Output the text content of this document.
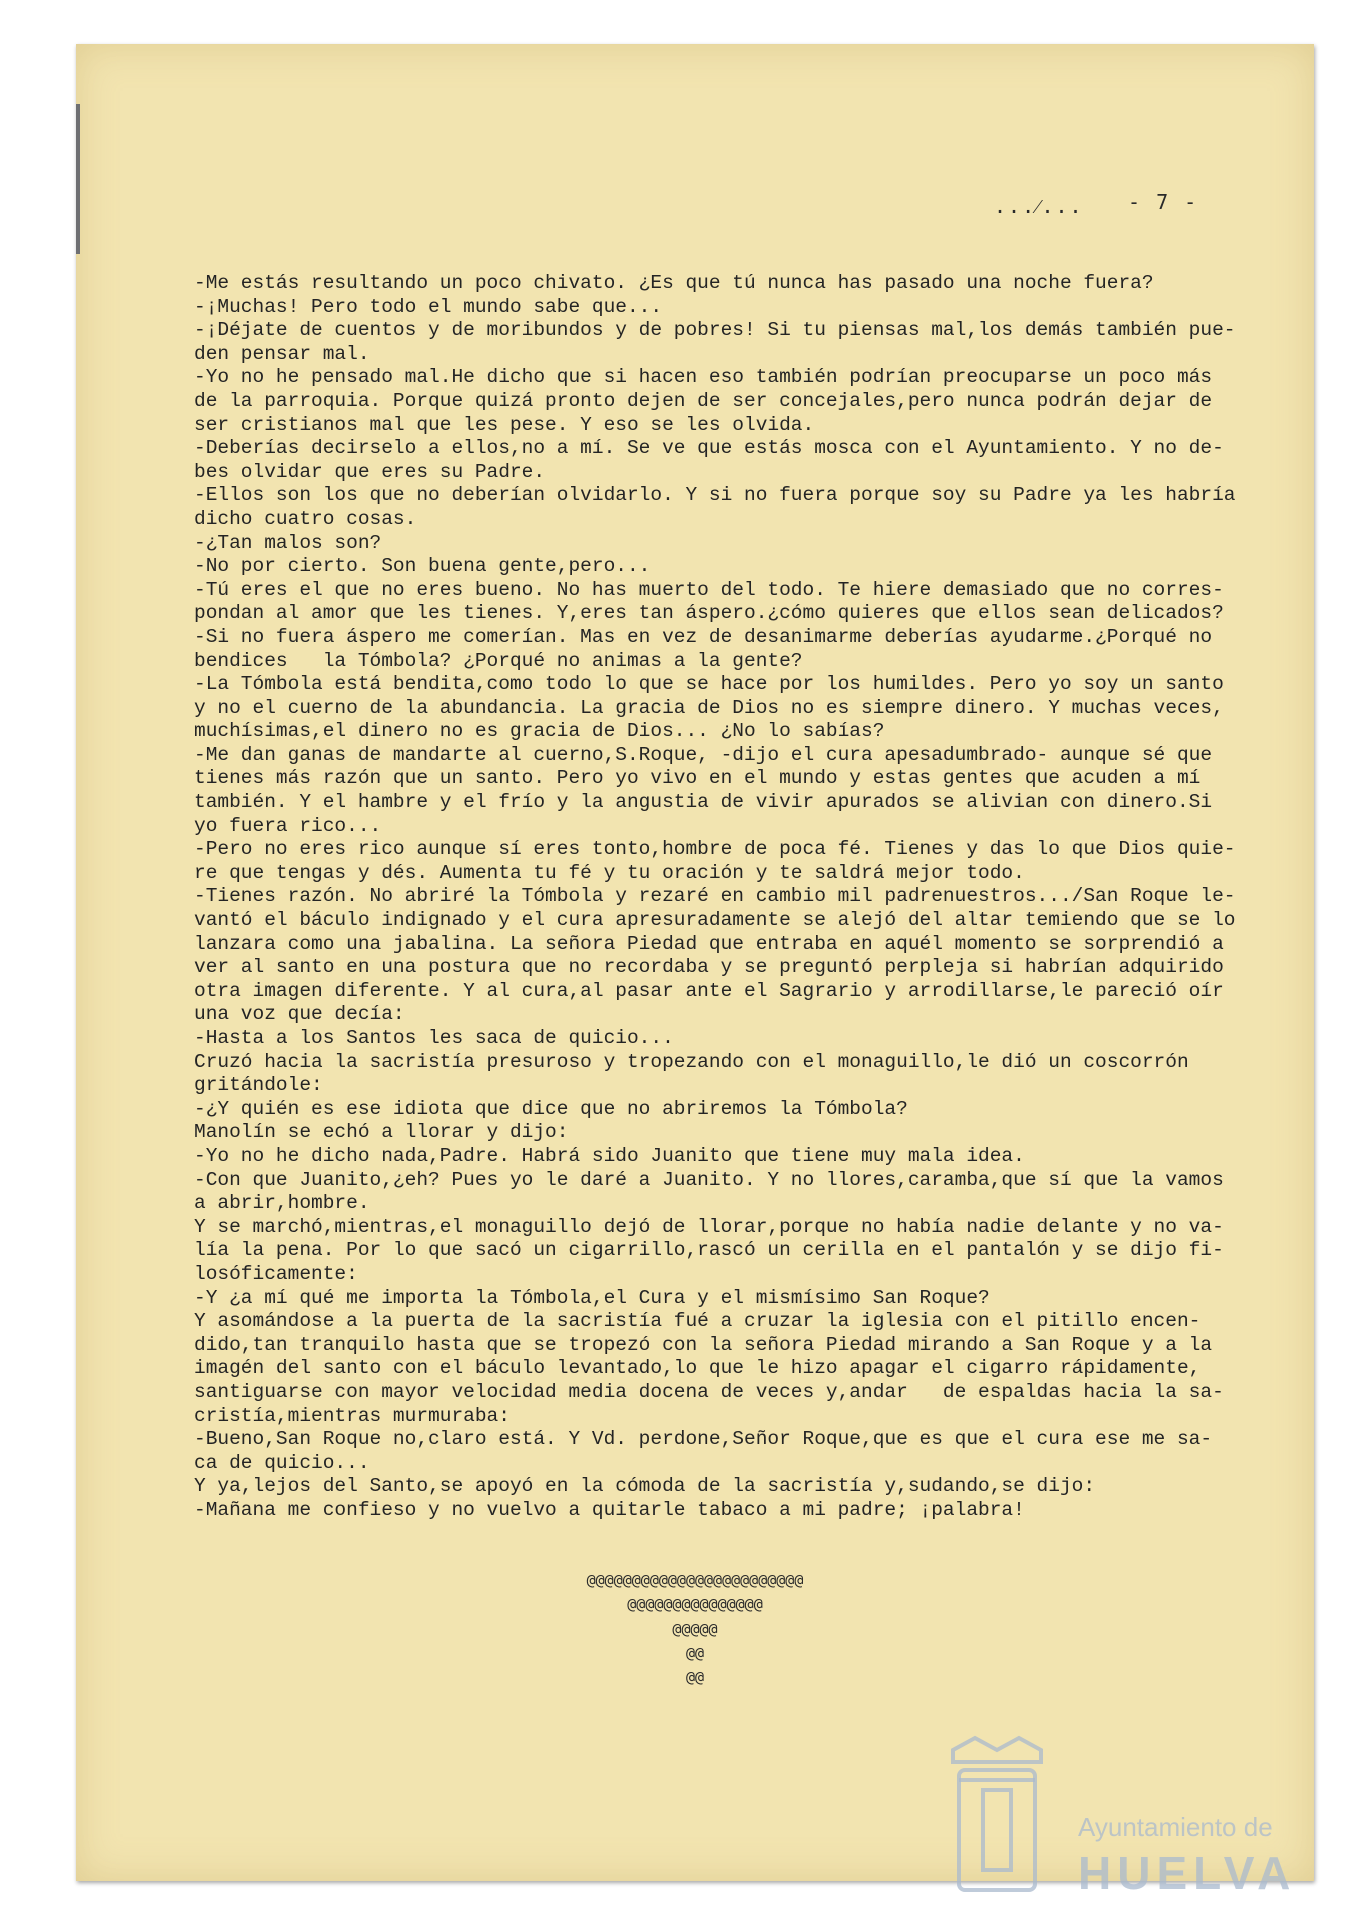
...⁄... - 7 -
-Me estás resultando un poco chivato. ¿Es que tú nunca has pasado una noche fuera?
-¡Muchas! Pero todo el mundo sabe que...
-¡Déjate de cuentos y de moribundos y de pobres! Si tu piensas mal,los demás también pue-
den pensar mal.
-Yo no he pensado mal.He dicho que si hacen eso también podrían preocuparse un poco más
de la parroquia. Porque quizá pronto dejen de ser concejales,pero nunca podrán dejar de
ser cristianos mal que les pese. Y eso se les olvida.
-Deberías decirselo a ellos,no a mí. Se ve que estás mosca con el Ayuntamiento. Y no de-
bes olvidar que eres su Padre.
-Ellos son los que no deberían olvidarlo. Y si no fuera porque soy su Padre ya les habría
dicho cuatro cosas.
-¿Tan malos son?
-No por cierto. Son buena gente,pero...
-Tú eres el que no eres bueno. No has muerto del todo. Te hiere demasiado que no corres-
pondan al amor que les tienes. Y,eres tan áspero.¿cómo quieres que ellos sean delicados?
-Si no fuera áspero me comerían. Mas en vez de desanimarme deberías ayudarme.¿Porqué no
bendices   la Tómbola? ¿Porqué no animas a la gente?
-La Tómbola está bendita,como todo lo que se hace por los humildes. Pero yo soy un santo
y no el cuerno de la abundancia. La gracia de Dios no es siempre dinero. Y muchas veces,
muchísimas,el dinero no es gracia de Dios... ¿No lo sabías?
-Me dan ganas de mandarte al cuerno,S.Roque, -dijo el cura apesadumbrado- aunque sé que
tienes más razón que un santo. Pero yo vivo en el mundo y estas gentes que acuden a mí
también. Y el hambre y el frío y la angustia de vivir apurados se alivian con dinero.Si
yo fuera rico...
-Pero no eres rico aunque sí eres tonto,hombre de poca fé. Tienes y das lo que Dios quie-
re que tengas y dés. Aumenta tu fé y tu oración y te saldrá mejor todo.
-Tienes razón. No abriré la Tómbola y rezaré en cambio mil padrenuestros.../San Roque le-
vantó el báculo indignado y el cura apresuradamente se alejó del altar temiendo que se lo
lanzara como una jabalina. La señora Piedad que entraba en aquél momento se sorprendió a
ver al santo en una postura que no recordaba y se preguntó perpleja si habrían adquirido
otra imagen diferente. Y al cura,al pasar ante el Sagrario y arrodillarse,le pareció oír
una voz que decía:
-Hasta a los Santos les saca de quicio...
Cruzó hacia la sacristía presuroso y tropezando con el monaguillo,le dió un coscorrón
gritándole:
-¿Y quién es ese idiota que dice que no abriremos la Tómbola?
Manolín se echó a llorar y dijo:
-Yo no he dicho nada,Padre. Habrá sido Juanito que tiene muy mala idea.
-Con que Juanito,¿eh? Pues yo le daré a Juanito. Y no llores,caramba,que sí que la vamos
a abrir,hombre.
Y se marchó,mientras,el monaguillo dejó de llorar,porque no había nadie delante y no va-
lía la pena. Por lo que sacó un cigarrillo,rascó un cerilla en el pantalón y se dijo fi-
losóficamente:
-Y ¿a mí qué me importa la Tómbola,el Cura y el mismísimo San Roque?
Y asomándose a la puerta de la sacristía fué a cruzar la iglesia con el pitillo encen-
dido,tan tranquilo hasta que se tropezó con la señora Piedad mirando a San Roque y a la
imagén del santo con el báculo levantado,lo que le hizo apagar el cigarro rápidamente,
santiguarse con mayor velocidad media docena de veces y,andar   de espaldas hacia la sa-
cristía,mientras murmuraba:
-Bueno,San Roque no,claro está. Y Vd. perdone,Señor Roque,que es que el cura ese me sa-
ca de quicio...
Y ya,lejos del Santo,se apoyó en la cómoda de la sacristía y,sudando,se dijo:
-Mañana me confieso y no vuelvo a quitarle tabaco a mi padre; ¡palabra!
@@@@@@@@@@@@@@@@@@@@@@@@
@@@@@@@@@@@@@@@
@@@@@
@@
@@
Ayuntamiento de
HUELVA
